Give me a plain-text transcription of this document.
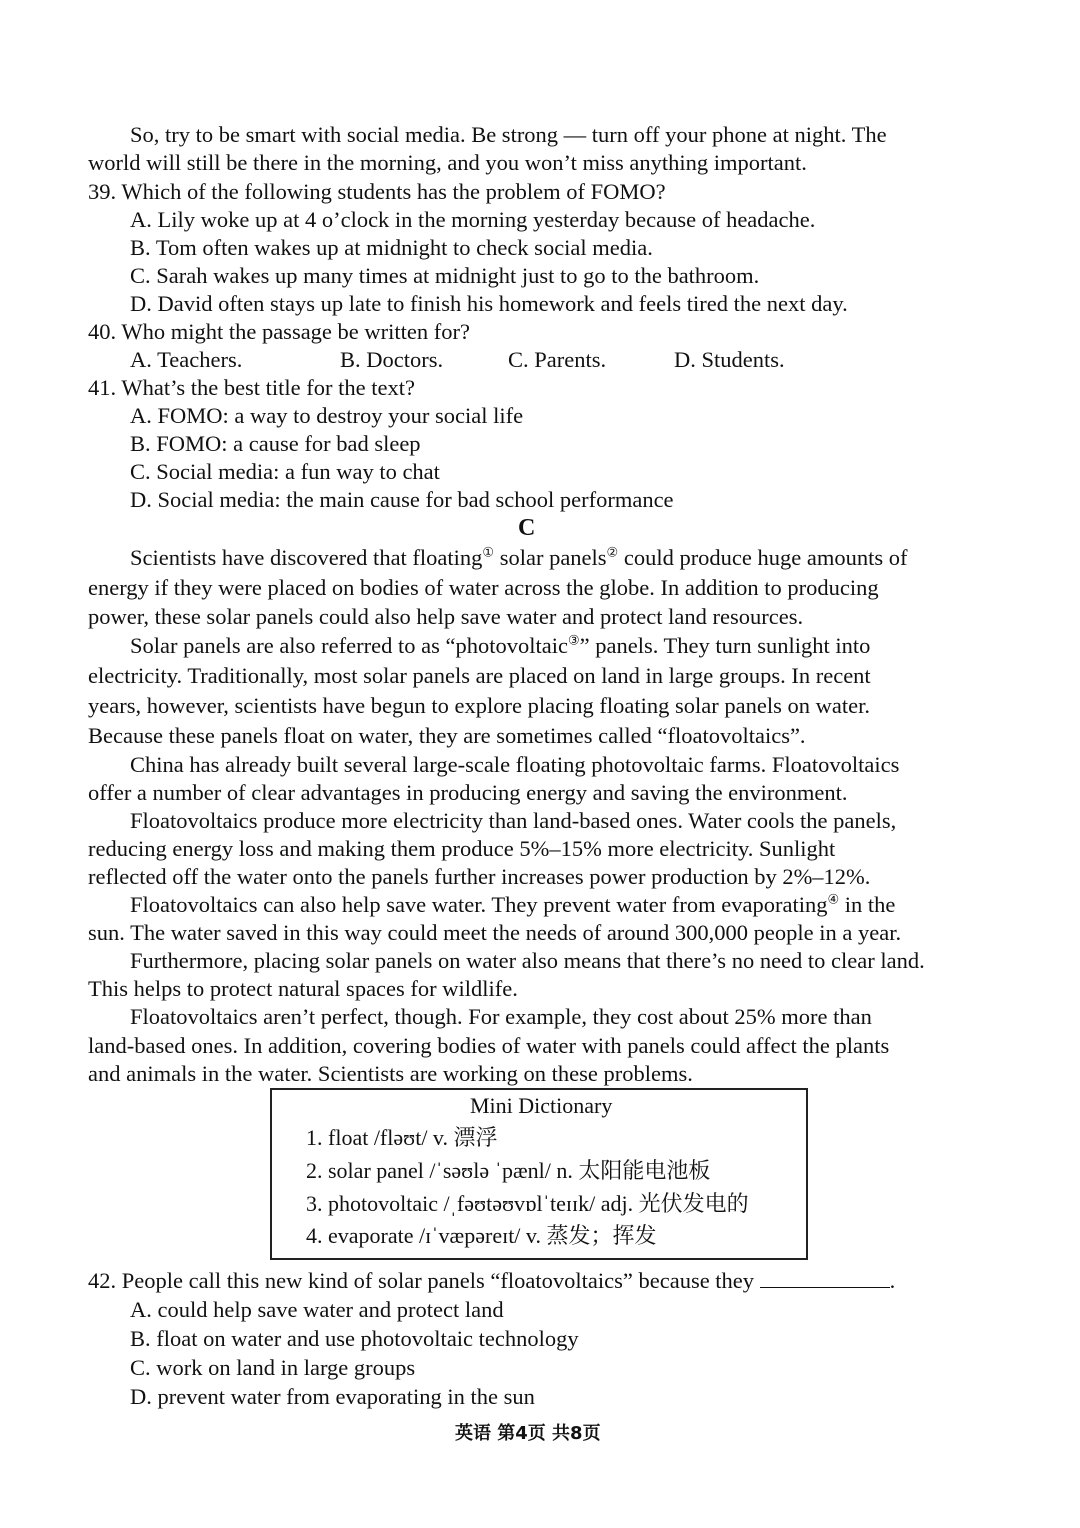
So, try to be smart with social media. Be strong — turn off your phone at night. The
world will still be there in the morning, and you won’t miss anything important.
39. Which of the following students has the problem of FOMO?
A. Lily woke up at 4 o’clock in the morning yesterday because of headache.
B. Tom often wakes up at midnight to check social media.
C. Sarah wakes up many times at midnight just to go to the bathroom.
D. David often stays up late to finish his homework and feels tired the next day.
40. Who might the passage be written for?
A. Teachers.	B. Doctors.	C. Parents.	D. Students.
41. What’s the best title for the text?
A. FOMO: a way to destroy your social life
B. FOMO: a cause for bad sleep
C. Social media: a fun way to chat
D. Social media: the main cause for bad school performance
C
Scientists have discovered that floating① solar panels② could produce huge amounts of
energy if they were placed on bodies of water across the globe. In addition to producing
power, these solar panels could also help save water and protect land resources.
Solar panels are also referred to as “photovoltaic③” panels. They turn sunlight into
electricity. Traditionally, most solar panels are placed on land in large groups. In recent
years, however, scientists have begun to explore placing floating solar panels on water.
Because these panels float on water, they are sometimes called “floatovoltaics”.
China has already built several large-scale floating photovoltaic farms. Floatovoltaics
offer a number of clear advantages in producing energy and saving the environment.
Floatovoltaics produce more electricity than land-based ones. Water cools the panels,
reducing energy loss and making them produce 5%–15% more electricity. Sunlight
reflected off the water onto the panels further increases power production by 2%–12%.
Floatovoltaics can also help save water. They prevent water from evaporating④ in the
sun. The water saved in this way could meet the needs of around 300,000 people in a year.
Furthermore, placing solar panels on water also means that there’s no need to clear land.
This helps to protect natural spaces for wildlife.
Floatovoltaics aren’t perfect, though. For example, they cost about 25% more than
land-based ones. In addition, covering bodies of water with panels could affect the plants
and animals in the water. Scientists are working on these problems.
Mini Dictionary
1. float /fləʊt/ v. 漂浮
2. solar panel /ˈsəʊlə ˈpænl/ n. 太阳能电池板
3. photovoltaic /ˌfəʊtəʊvɒlˈteɪɪk/ adj. 光伏发电的
4. evaporate /ɪˈvæpəreɪt/ v. 蒸发；挥发
42. People call this new kind of solar panels “floatovoltaics” because they	.
A. could help save water and protect land
B. float on water and use photovoltaic technology
C. work on land in large groups
D. prevent water from evaporating in the sun
英语 第4页 共8页
